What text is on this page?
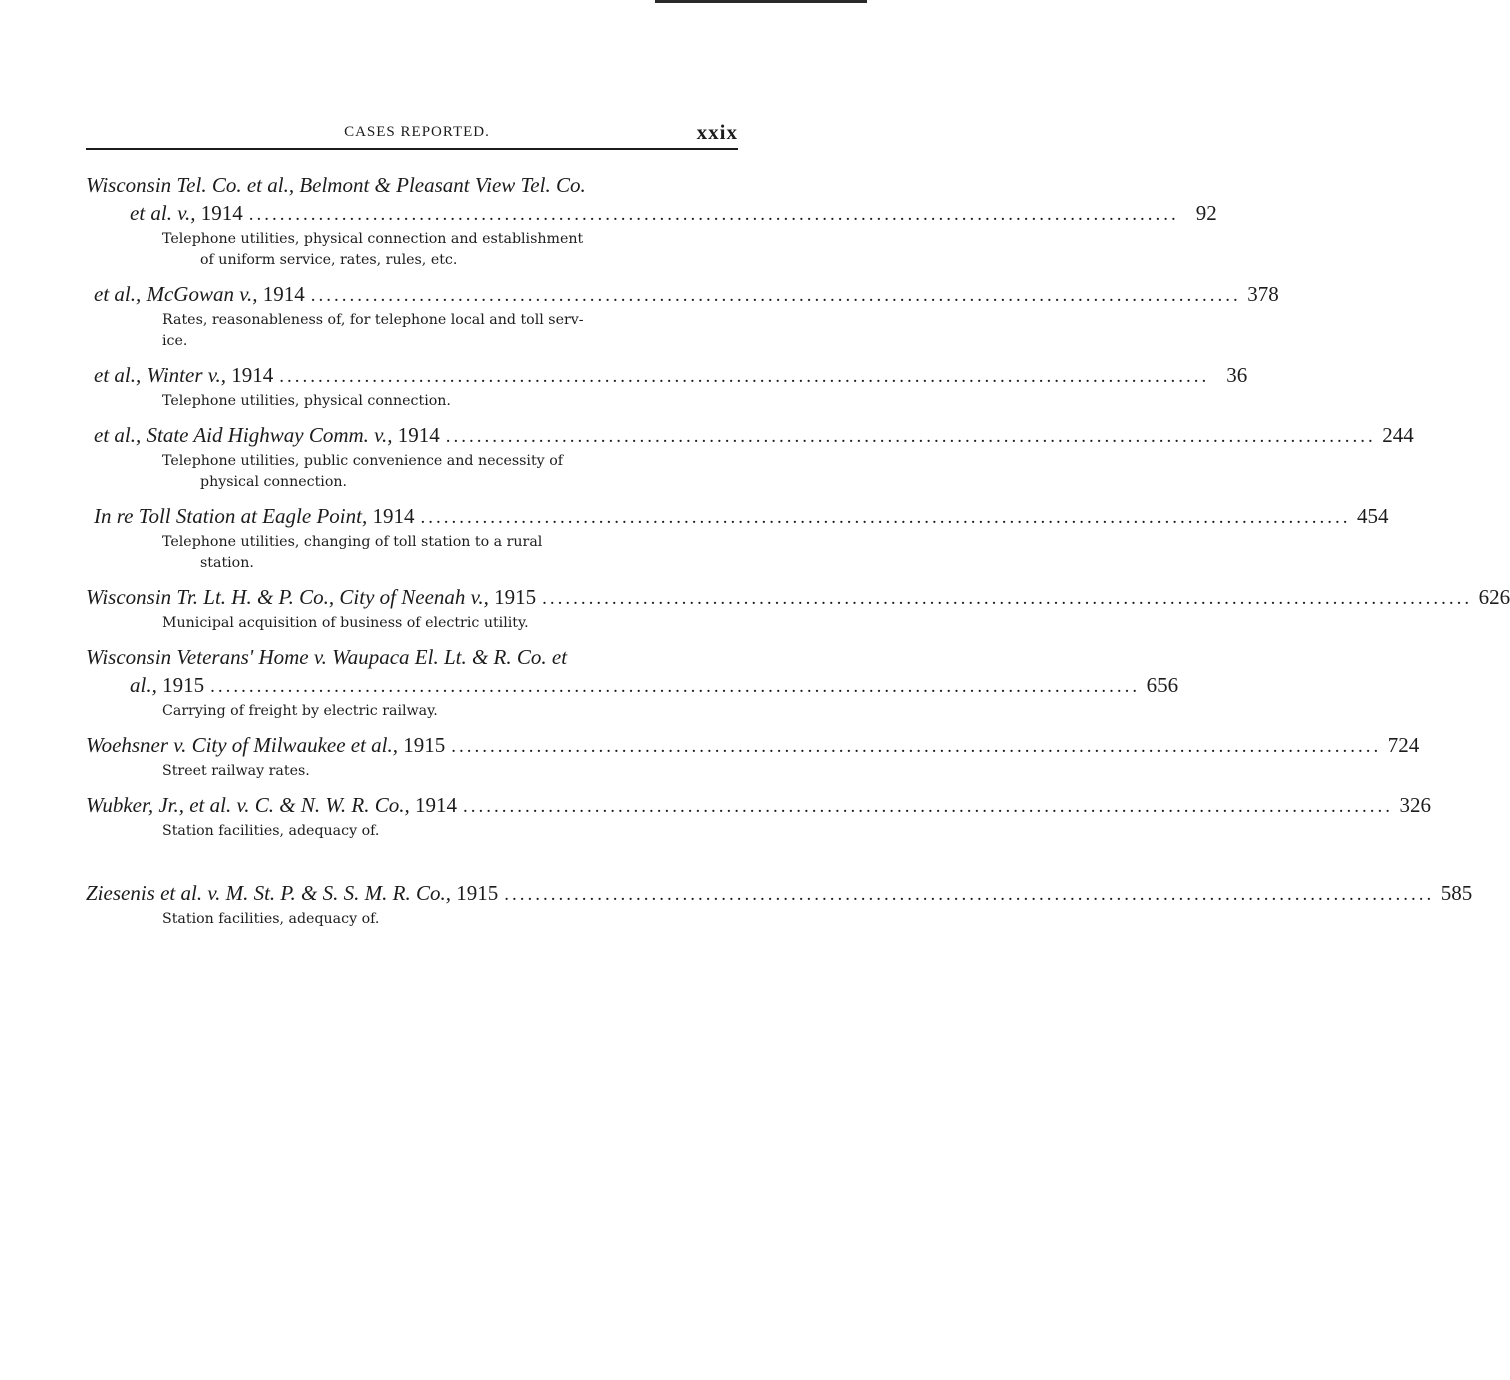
CASES REPORTED.	xxix
Wisconsin Tel. Co. et al., Belmont & Pleasant View Tel. Co.
et al. v.,
1914 ........................................................................................................................ 92
Telephone utilities, physical connection and establishment
of uniform service, rates, rules, etc.
et al., McGowan v.,
1914 ........................................................................................................................ 378
Rates, reasonableness of, for telephone local and toll serv-
ice.
et al., Winter v.,
1914 ........................................................................................................................ 36
Telephone utilities, physical connection.
et al., State Aid Highway Comm. v.,
1914 ........................................................................................................................ 244
Telephone utilities, public convenience and necessity of
physical connection.
In re Toll Station at Eagle Point,
1914 ........................................................................................................................ 454
Telephone utilities, changing of toll station to a rural
station.
Wisconsin Tr. Lt. H. & P. Co., City of Neenah v.,
1915 ........................................................................................................................ 626
Municipal acquisition of business of electric utility.
Wisconsin Veterans' Home v. Waupaca El. Lt. & R. Co. et
al.,
1915 ........................................................................................................................ 656
Carrying of freight by electric railway.
Woehsner v. City of Milwaukee et al.,
1915 ........................................................................................................................ 724
Street railway rates.
Wubker, Jr., et al. v. C. & N. W. R. Co.,
1914 ........................................................................................................................ 326
Station facilities, adequacy of.
Ziesenis et al. v. M. St. P. & S. S. M. R. Co.,
1915 ........................................................................................................................ 585
Station facilities, adequacy of.
